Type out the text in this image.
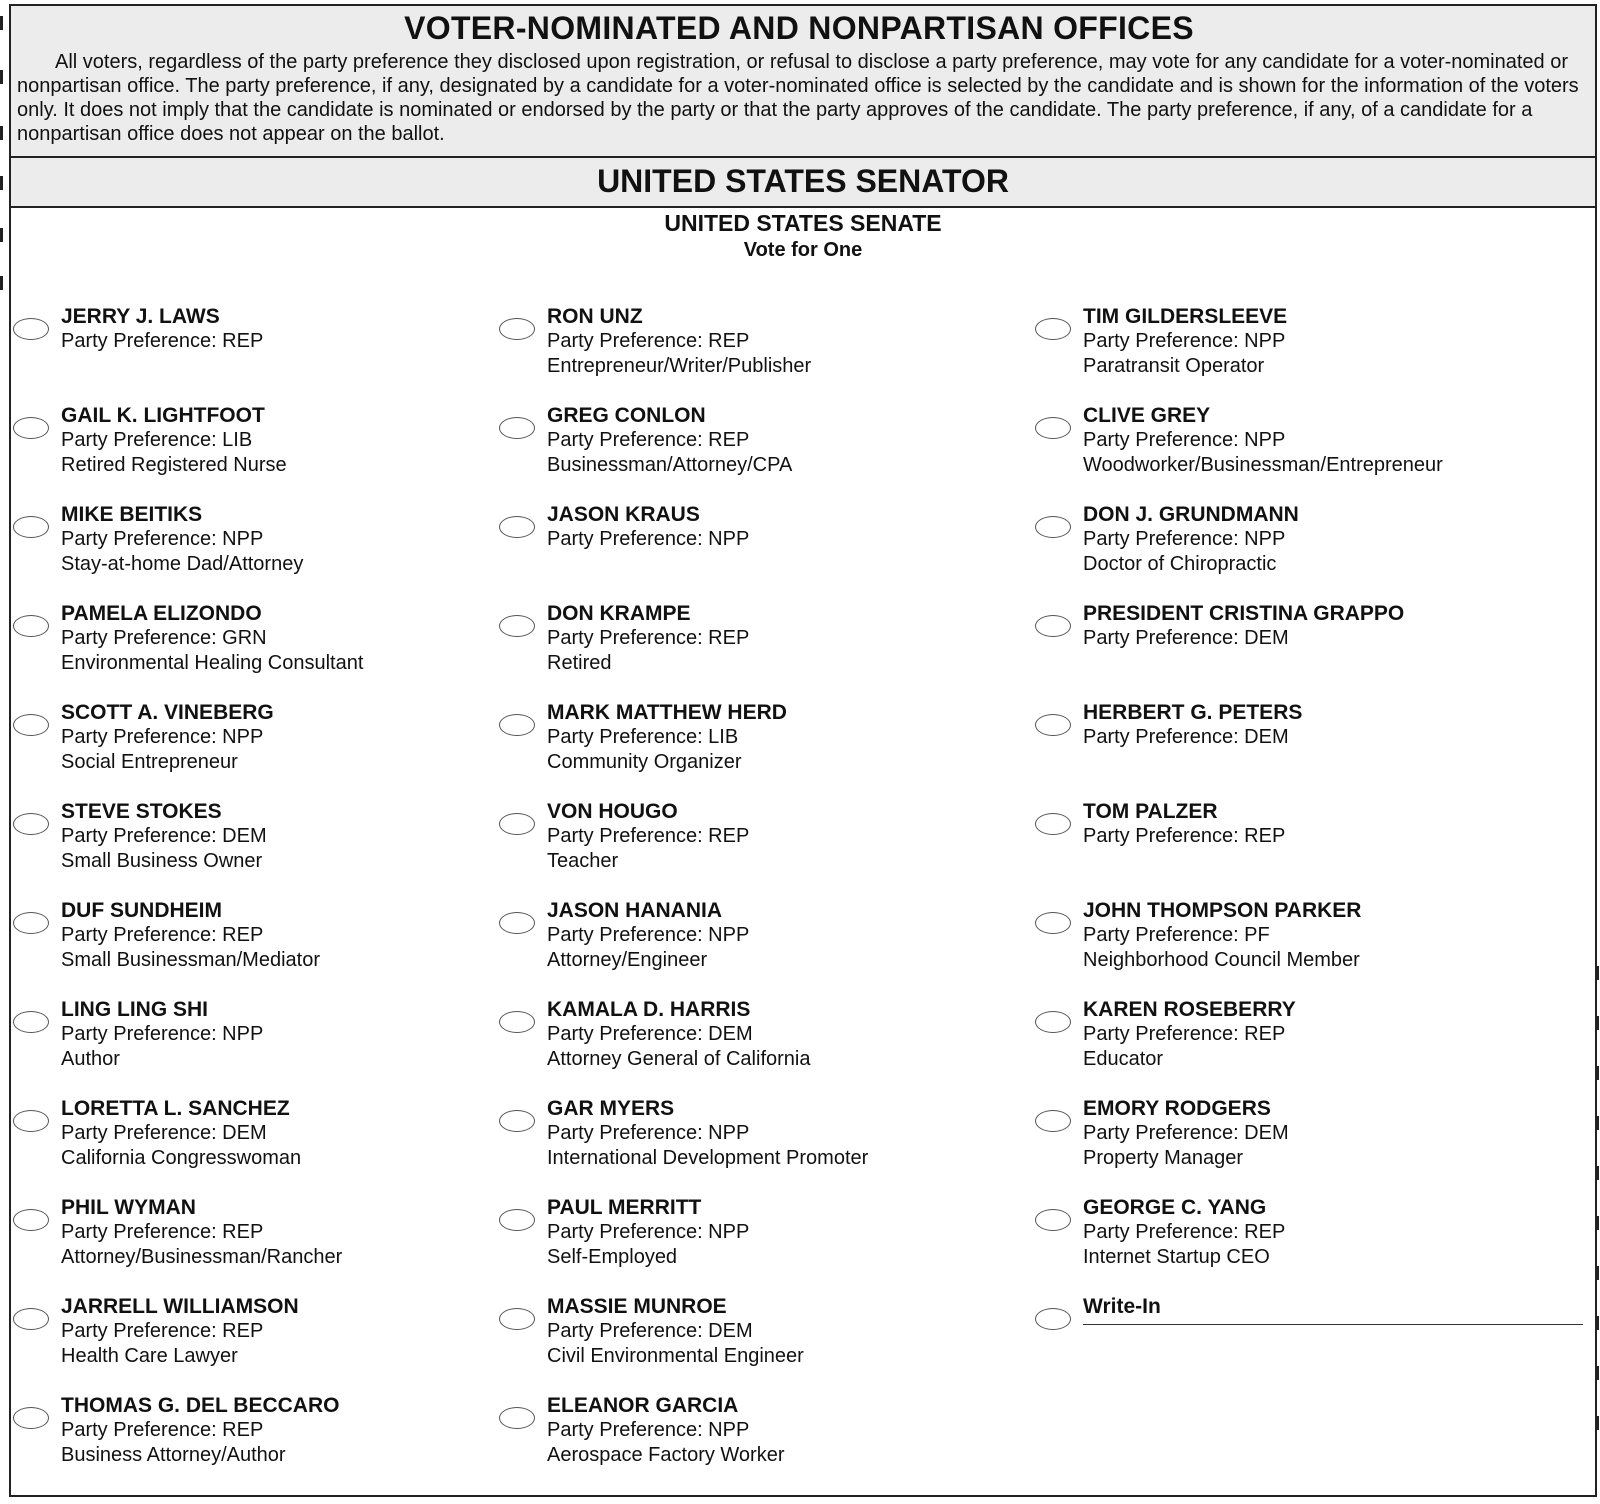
VOTER-NOMINATED AND NONPARTISAN OFFICES
All voters, regardless of the party preference they disclosed upon registration, or refusal to disclose a party preference, may vote for any candidate for a voter-nominated or nonpartisan office. The party preference, if any, designated by a candidate for a voter-nominated office is selected by the candidate and is shown for the information of the voters only. It does not imply that the candidate is nominated or endorsed by the party or that the party approves of the candidate. The party preference, if any, of a candidate for a nonpartisan office does not appear on the ballot.
UNITED STATES SENATOR
UNITED STATES SENATE
Vote for One
JERRY J. LAWS
Party Preference: REP
GAIL K. LIGHTFOOT
Party Preference: LIB
Retired Registered Nurse
MIKE BEITIKS
Party Preference: NPP
Stay-at-home Dad/Attorney
PAMELA ELIZONDO
Party Preference: GRN
Environmental Healing Consultant
SCOTT A. VINEBERG
Party Preference: NPP
Social Entrepreneur
STEVE STOKES
Party Preference: DEM
Small Business Owner
DUF SUNDHEIM
Party Preference: REP
Small Businessman/Mediator
LING LING SHI
Party Preference: NPP
Author
LORETTA L. SANCHEZ
Party Preference: DEM
California Congresswoman
PHIL WYMAN
Party Preference: REP
Attorney/Businessman/Rancher
JARRELL WILLIAMSON
Party Preference: REP
Health Care Lawyer
THOMAS G. DEL BECCARO
Party Preference: REP
Business Attorney/Author
RON UNZ
Party Preference: REP
Entrepreneur/Writer/Publisher
GREG CONLON
Party Preference: REP
Businessman/Attorney/CPA
JASON KRAUS
Party Preference: NPP
DON KRAMPE
Party Preference: REP
Retired
MARK MATTHEW HERD
Party Preference: LIB
Community Organizer
VON HOUGO
Party Preference: REP
Teacher
JASON HANANIA
Party Preference: NPP
Attorney/Engineer
KAMALA D. HARRIS
Party Preference: DEM
Attorney General of California
GAR MYERS
Party Preference: NPP
International Development Promoter
PAUL MERRITT
Party Preference: NPP
Self-Employed
MASSIE MUNROE
Party Preference: DEM
Civil Environmental Engineer
ELEANOR GARCIA
Party Preference: NPP
Aerospace Factory Worker
TIM GILDERSLEEVE
Party Preference: NPP
Paratransit Operator
CLIVE GREY
Party Preference: NPP
Woodworker/Businessman/Entrepreneur
DON J. GRUNDMANN
Party Preference: NPP
Doctor of Chiropractic
PRESIDENT CRISTINA GRAPPO
Party Preference: DEM
HERBERT G. PETERS
Party Preference: DEM
TOM PALZER
Party Preference: REP
JOHN THOMPSON PARKER
Party Preference: PF
Neighborhood Council Member
KAREN ROSEBERRY
Party Preference: REP
Educator
EMORY RODGERS
Party Preference: DEM
Property Manager
GEORGE C. YANG
Party Preference: REP
Internet Startup CEO
Write-In
